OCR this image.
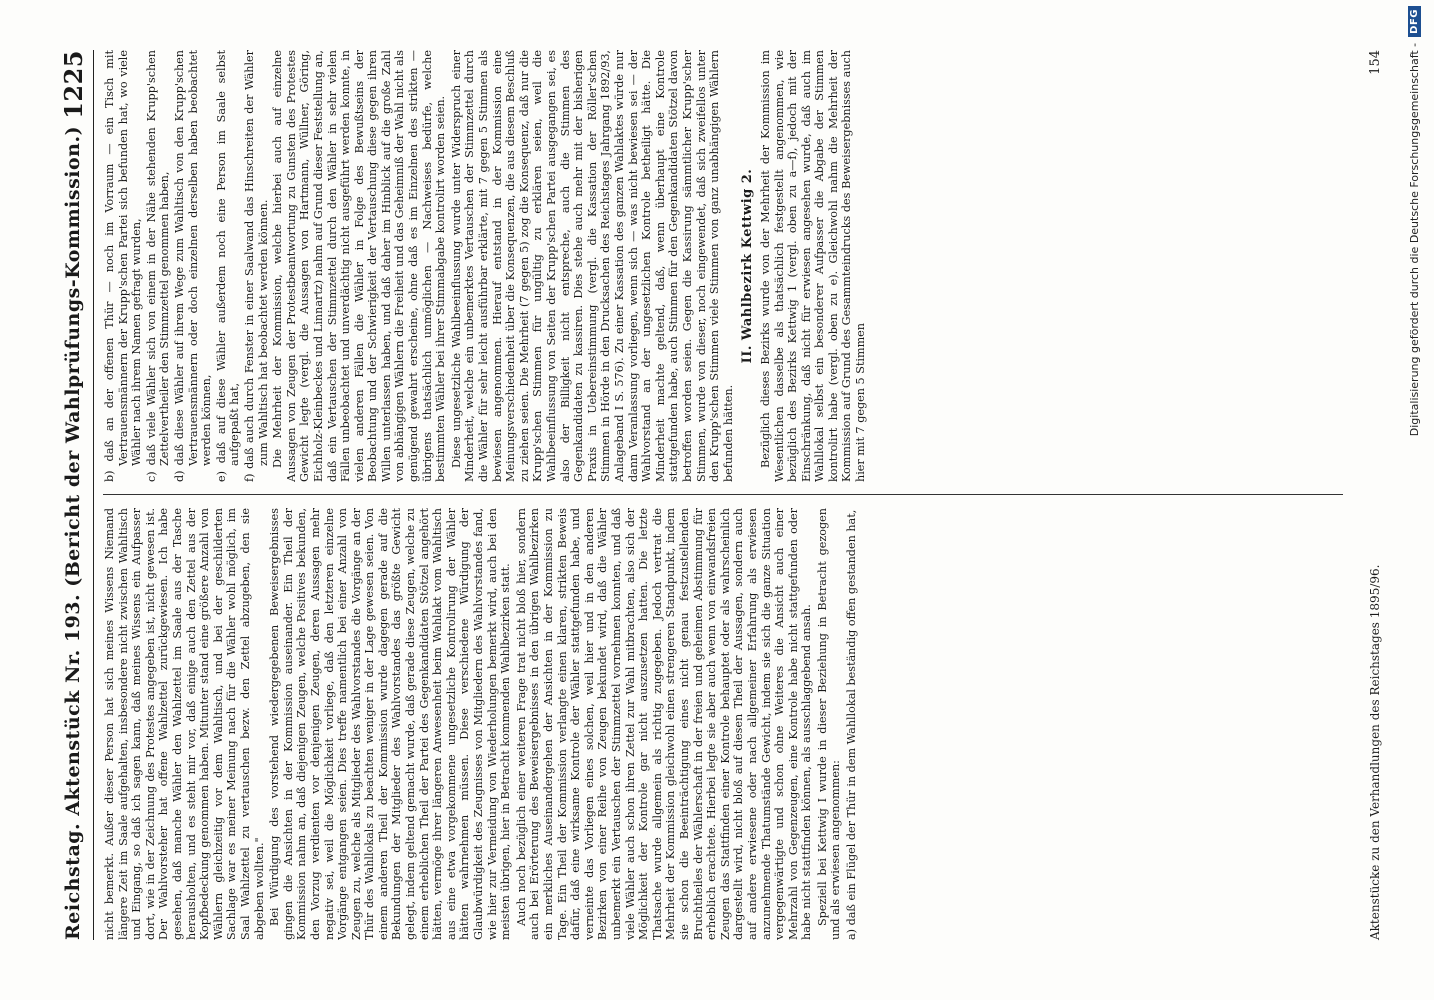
Reichstag. Aktenstück Nr. 193.
(Bericht der Wahlprüfungs-Kommission.)
1225

nicht bemerkt. Außer dieser Person hat sich meines Wissens Niemand längere Zeit im Saale aufgehalten, insbesondere nicht zwischen Wahltisch und Eingang, so daß ich sagen kann, daß meines Wissens ein Aufpasser dort, wie in der Zeichnung des Protestes angegeben ist, nicht gewesen ist. Der Wahlvorsteher hat offene Wahlzettel zurückgewiesen. Ich habe gesehen, daß manche Wähler den Wahlzettel im Saale aus der Tasche herausholten, und es steht mir vor, daß einige auch den Zettel aus der Kopfbedeckung genommen haben. Mitunter stand eine größere Anzahl von Wählern gleichzeitig vor dem Wahltisch, und bei der geschilderten Sachlage war es meiner Meinung nach für die Wähler wohl möglich, im Saal Wahlzettel zu vertauschen bezw. den Zettel abzugeben, den sie abgeben wollten." Bei Würdigung des vorstehend wiedergegebenen Beweisergebnisses gingen die Ansichten in der Kommission auseinander. Ein Theil der Kommission nahm an, daß diejenigen Zeugen, welche Positives bekunden, den Vorzug verdienten vor denjenigen Zeugen, deren Aussagen mehr negativ sei, weil die Möglichkeit vorliege, daß den letzteren einzelne Vorgänge entgangen seien. Dies treffe namentlich bei einer Anzahl von Zeugen zu, welche als Mitglieder des Wahlvorstandes die Vorgänge an der Thür des Wahllokals zu beachten weniger in der Lage gewesen seien. Von einem anderen Theil der Kommission wurde dagegen gerade auf die Bekundungen der Mitglieder des Wahlvorstandes das größte Gewicht gelegt, indem geltend gemacht wurde, daß gerade diese Zeugen, welche zu einem erheblichen Theil der Partei des Gegenkandidaten Stötzel angehört hätten, vermöge ihrer längeren Anwesenheit beim Wahlakt vom Wahltisch aus eine etwa vorgekommene ungesetzliche Kontrolirung der Wähler hätten wahrnehmen müssen. Diese verschiedene Würdigung der Glaubwürdigkeit des Zeugnisses von Mitgliedern des Wahlvorstandes fand, wie hier zur Vermeidung von Wiederholungen bemerkt wird, auch bei den meisten übrigen, hier in Betracht kommenden Wahlbezirken statt. Auch noch bezüglich einer weiteren Frage trat nicht bloß hier, sondern auch bei Erörterung des Beweisergebnisses in den übrigen Wahlbezirken ein merkliches Auseinandergehen der Ansichten in der Kommission zu Tage. Ein Theil der Kommission verlangte einen klaren, strikten Beweis dafür, daß eine wirksame Kontrole der Wähler stattgefunden habe, und verneinte das Vorliegen eines solchen, weil hier und in den anderen Bezirken von einer Reihe von Zeugen bekundet wird, daß die Wähler unbemerkt ein Vertauschen der Stimmzettel vornehmen konnten, und daß viele Wähler auch schon ihren Zettel zur Wahl mitbrachten, also sich der Möglichkeit der Kontrole gar nicht auszusetzen hatten. Die letzte Thatsache wurde allgemein als richtig zugegeben. Jedoch vertrat die Mehrheit der Kommission gleichwohl einen strengeren Standpunkt, indem sie schon die Beeinträchtigung eines nicht genau festzustellenden Bruchtheiles der Wählerschaft in der freien und geheimen Abstimmung für erheblich erachtete. Hierbei legte sie aber auch wenn von einwandsfreien Zeugen das Stattfinden einer Kontrole behauptet oder als wahrscheinlich dargestellt wird, nicht bloß auf diesen Theil der Aussagen, sondern auch auf andere erwiesene oder nach allgemeiner Erfahrung als erwiesen anzunehmende Thatumstände Gewicht, indem sie sich die ganze Situation vergegenwärtigte und schon ohne Weiteres die Ansicht auch einer Mehrzahl von Gegenzeugen, eine Kontrole habe nicht stattgefunden oder habe nicht stattfinden können, als ausschlaggebend ansah. Speziell bei Kettwig I wurde in dieser Beziehung in Betracht gezogen und als erwiesen angenommen: a) daß ein Flügel der Thür in dem Wahllokal beständig offen gestanden hat,
b) daß an der offenen Thür — noch im Vorraum — ein Tisch mit Vertrauensmännern der Krupp'schen Partei sich befunden hat, wo viele Wähler nach ihrem Namen gefragt wurden, c) daß viele Wähler sich von einem in der Nähe stehenden Krupp'schen Zettelvertheiler den Stimmzettel genommen haben, d) daß diese Wähler auf ihrem Wege zum Wahltisch von den Krupp'schen Vertrauensmännern oder doch einzelnen derselben haben beobachtet werden können, e) daß auf diese Wähler außerdem noch eine Person im Saale selbst aufgepaßt hat, f) daß auch durch Fenster in einer Saalwand das Hinschreiten der Wähler zum Wahltisch hat beobachtet werden können. Die Mehrheit der Kommission, welche hierbei auch auf einzelne Aussagen von Zeugen der Protestbeantwortung zu Gunsten des Protestes Gewicht legte (vergl. die Aussagen von Hartmann, Wüllner, Göring, Eichholz-Kleinbeckes und Linnartz) nahm auf Grund dieser Feststellung an, daß ein Vertauschen der Stimmzettel durch den Wähler in sehr vielen Fällen unbeobachtet und unverdächtig nicht ausgeführt werden konnte, in vielen anderen Fällen die Wähler in Folge des Bewußtseins der Beobachtung und der Schwierigkeit der Vertauschung diese gegen ihren Willen unterlassen haben, und daß daher im Hinblick auf die große Zahl von abhängigen Wählern die Freiheit und das Geheimniß der Wahl nicht als genügend gewahrt erscheine, ohne daß es im Einzelnen des strikten — übrigens thatsächlich unmöglichen — Nachweises bedürfe, welche bestimmten Wähler bei ihrer Stimmabgabe kontrolirt worden seien. Diese ungesetzliche Wahlbeeinflussung wurde unter Widerspruch einer Minderheit, welche ein unbemerktes Vertauschen der Stimmzettel durch die Wähler für sehr leicht ausführbar erklärte, mit 7 gegen 5 Stimmen als bewiesen angenommen. Hierauf entstand in der Kommission eine Meinungsverschiedenheit über die Konsequenzen, die aus diesem Beschluß zu ziehen seien. Die Mehrheit (7 gegen 5) zog die Konsequenz, daß nur die Krupp'schen Stimmen für ungültig zu erklären seien, weil die Wahlbeeinflussung von Seiten der Krupp'schen Partei ausgegangen sei, es also der Billigkeit nicht entspreche, auch die Stimmen des Gegenkandidaten zu kassiren. Dies stehe auch mehr mit der bisherigen Praxis in Uebereinstimmung (vergl. die Kassation der Röller'schen Stimmen in Hörde in den Drucksachen des Reichstages Jahrgang 1892/93, Anlageband I S. 576). Zu einer Kassation des ganzen Wahlaktes würde nur dann Veranlassung vorliegen, wenn sich — was nicht bewiesen sei — der Wahlvorstand an der ungesetzlichen Kontrole betheiligt hätte. Die Minderheit machte geltend, daß, wenn überhaupt eine Kontrole stattgefunden habe, auch Stimmen für den Gegenkandidaten Stötzel davon betroffen worden seien. Gegen die Kassirung sämmtlicher Krupp'scher Stimmen, wurde von dieser, noch eingewendet, daß sich zweifellos unter den Krupp'schen Stimmen viele Stimmen von ganz unabhängigen Wählern befunden hätten.

II. Wahlbezirk Kettwig 2. Bezüglich dieses Bezirks wurde von der Mehrheit der Kommission im Wesentlichen dasselbe als thatsächlich festgestellt angenommen, wie bezüglich des Bezirks Kettwig 1 (vergl. oben zu a—f), jedoch mit der Einschränkung, daß nicht für erwiesen angesehen wurde, daß auch im Wahllokal selbst ein besonderer Aufpasser die Abgabe der Stimmen kontrolirt habe (vergl. oben zu e). Gleichwohl nahm die Mehrheit der Kommission auf Grund des Gesammteindrucks des Beweisergebnisses auch hier mit 7 gegen 5 Stimmen

Aktenstücke zu den Verhandlungen des Reichstages 1895/96.
154 Digitalisierung gefördert durch die Deutsche Forschungsgemeinschaft -
DFG
